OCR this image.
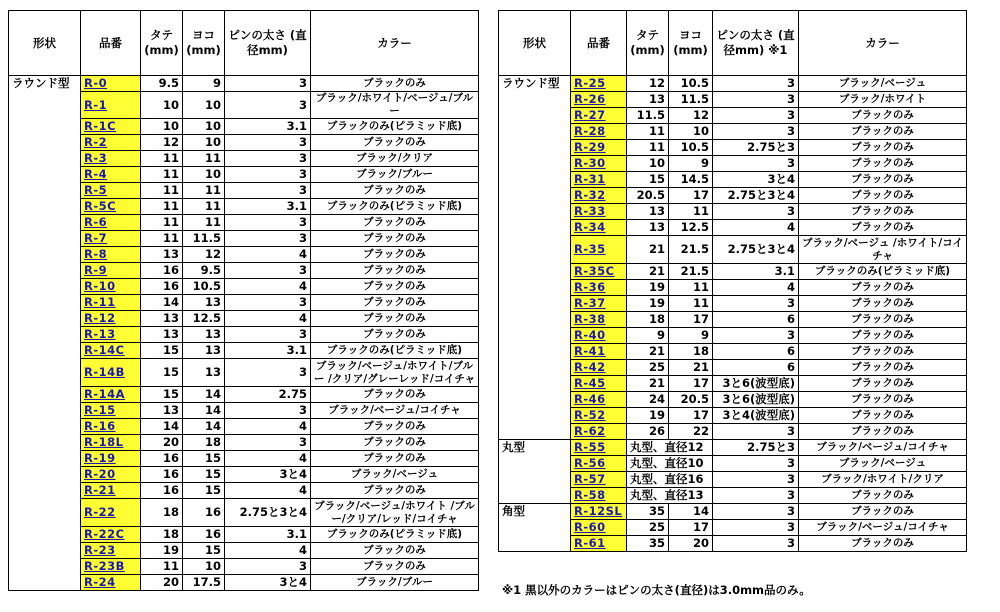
形状	品番	タテ (mm)	ヨコ (mm)	ピンの太さ (直径mm)	カラー
ラウンド型	R-0	9.5	9	3	ブラックのみ
	R-1	10	10	3	ブラック/ホワイト/ベージュ/ブルー
	R-1C	10	10	3.1	ブラックのみ(ピラミッド底)
	R-2	12	10	3	ブラックのみ
	R-3	11	11	3	ブラック/クリア
	R-4	11	10	3	ブラック/ブルー
	R-5	11	11	3	ブラックのみ
	R-5C	11	11	3.1	ブラックのみ(ピラミッド底)
	R-6	11	11	3	ブラックのみ
	R-7	11	11.5	3	ブラックのみ
	R-8	13	12	4	ブラックのみ
	R-9	16	9.5	3	ブラックのみ
	R-10	16	10.5	4	ブラックのみ
	R-11	14	13	3	ブラックのみ
	R-12	13	12.5	4	ブラックのみ
	R-13	13	13	3	ブラックのみ
	R-14C	15	13	3.1	ブラックのみ(ピラミッド底)
	R-14B	15	13	3	ブラック/ベージュ/ホワイト/ブルー /クリア/グレーレッド/コイチャ
	R-14A	15	14	2.75	ブラックのみ
	R-15	13	14	3	ブラック/ベージュ/コイチャ
	R-16	14	14	4	ブラックのみ
	R-18L	20	18	3	ブラックのみ
	R-19	16	15	4	ブラックのみ
	R-20	16	15	3と4	ブラック/ベージュ
	R-21	16	15	4	ブラックのみ
	R-22	18	16	2.75と3と4	ブラック/ベージュ/ホワイト /ブルー/クリア/レッド/コイチャ
	R-22C	18	16	3.1	ブラックのみ(ピラミッド底)
	R-23	19	15	4	ブラックのみ
	R-23B	11	10	3	ブラックのみ
	R-24	20	17.5	3と4	ブラック/ブルー
形状	品番	タテ (mm)	ヨコ (mm)	ピンの太さ (直径mm) ※1	カラー
ラウンド型	R-25	12	10.5	3	ブラック/ベージュ
	R-26	13	11.5	3	ブラック/ホワイト
	R-27	11.5	12	3	ブラックのみ
	R-28	11	10	3	ブラックのみ
	R-29	11	10.5	2.75と3	ブラックのみ
	R-30	10	9	3	ブラックのみ
	R-31	15	14.5	3と4	ブラックのみ
	R-32	20.5	17	2.75と3と4	ブラックのみ
	R-33	13	11	3	ブラックのみ
	R-34	13	12.5	4	ブラックのみ
	R-35	21	21.5	2.75と3と4	ブラック/ベージュ /ホワイト/コイチャ
	R-35C	21	21.5	3.1	ブラックのみ(ピラミッド底)
	R-36	19	11	4	ブラックのみ
	R-37	19	11	3	ブラックのみ
	R-38	18	17	6	ブラックのみ
	R-40	9	9	3	ブラックのみ
	R-41	21	18	6	ブラックのみ
	R-42	25	21	6	ブラックのみ
	R-45	21	17	3と6(波型底)	ブラックのみ
	R-46	24	20.5	3と6(波型底)	ブラックのみ
	R-52	19	17	3と4(波型底)	ブラックのみ
	R-62	26	22	3	ブラックのみ
丸型	R-55	丸型、直径12		2.75と3	ブラック/ベージュ/コイチャ
	R-56	丸型、直径10		3	ブラック/ベージュ
	R-57	丸型、直径16		3	ブラック/ホワイト/クリア
	R-58	丸型、直径13		3	ブラックのみ
角型	R-12SL	35	14	3	ブラックのみ
	R-60	25	17	3	ブラック/ベージュ/コイチャ
	R-61	35	20	3	ブラックのみ
※1 黒以外のカラーはピンの太さ(直径)は3.0mm品のみ。
